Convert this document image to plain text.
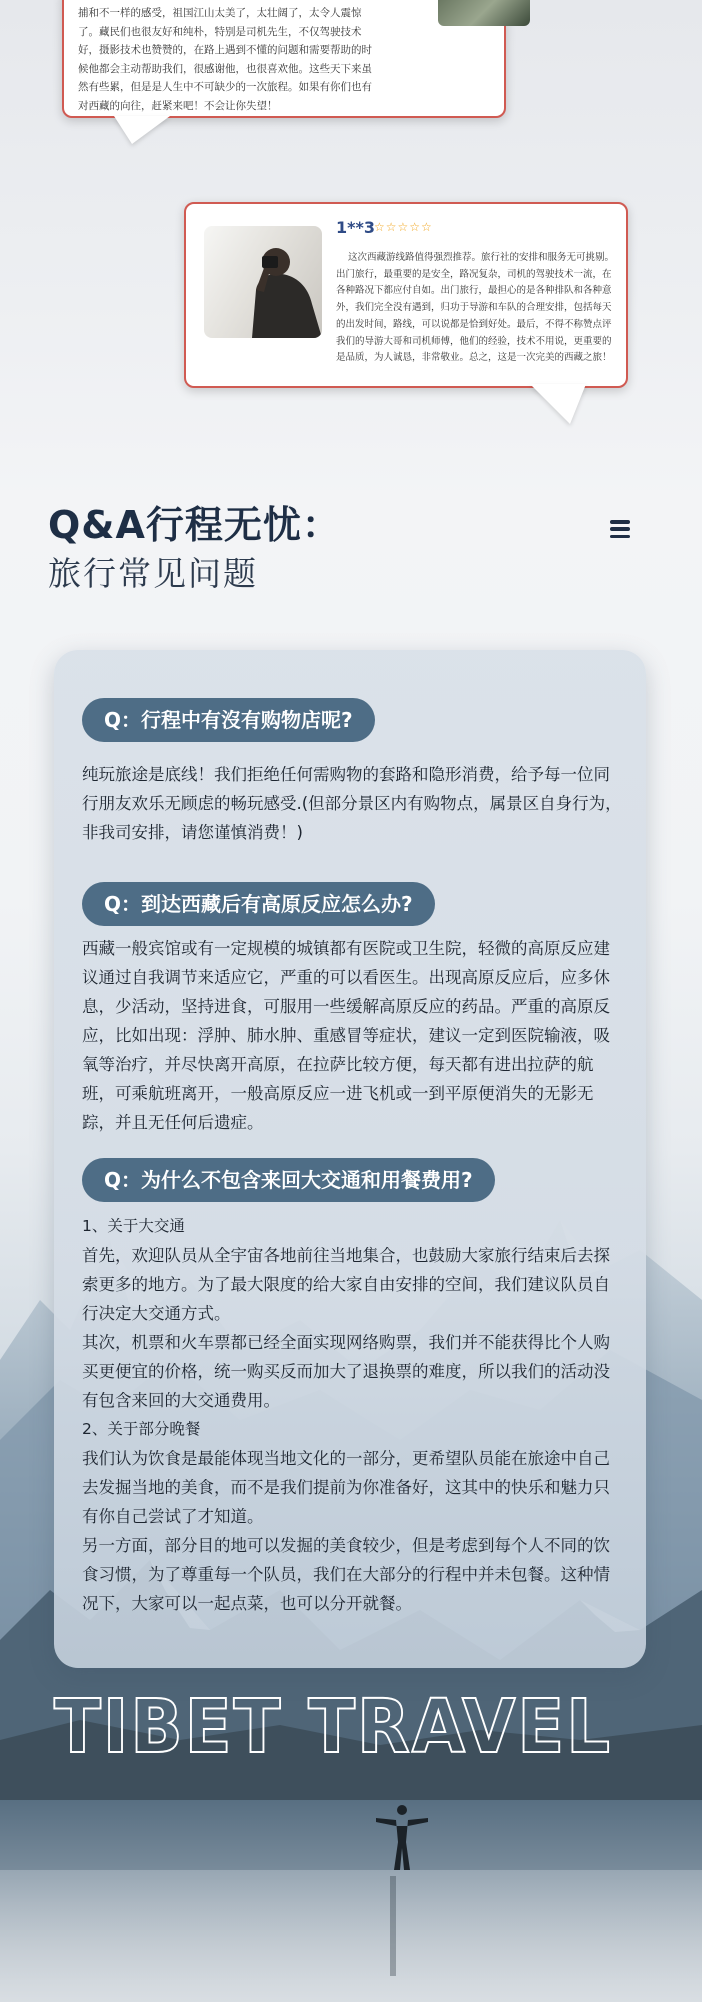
捕和不一样的感受，祖国江山太美了，太壮阔了，太令人震惊了。藏民们也很友好和纯朴，特别是司机先生，不仅驾驶技术好，摄影技术也赞赞的，在路上遇到不懂的问题和需要帮助的时候他都会主动帮助我们，很感谢他，也很喜欢他。这些天下来虽然有些累，但是是人生中不可缺少的一次旅程。如果有你们也有对西藏的向往，赶紧来吧！不会让你失望！
1**3 ☆☆☆☆☆
这次西藏游线路值得强烈推荐。旅行社的安排和服务无可挑剔。出门旅行，最重要的是安全，路况复杂，司机的驾驶技术一流，在各种路况下都应付自如。出门旅行，最担心的是各种排队和各种意外，我们完全没有遇到，归功于导游和车队的合理安排，包括每天的出发时间，路线，可以说都是恰到好处。最后，不得不称赞点评我们的导游大哥和司机师傅，他们的经验，技术不用说，更重要的是品质，为人诚恳，非常敬业。总之，这是一次完美的西藏之旅！
Q&A行程无忧：
旅行常见问题
Q：行程中有沒有购物店呢?

纯玩旅途是底线！我们拒绝任何需购物的套路和隐形消费，给予每一位同行朋友欢乐无顾虑的畅玩感受.(但部分景区内有购物点，属景区自身行为，非我司安排，请您谨慎消费！)

Q：到达西藏后有高原反应怎么办?

西藏一般宾馆或有一定规模的城镇都有医院或卫生院，轻微的高原反应建议通过自我调节来适应它，严重的可以看医生。出现高原反应后，应多休息，少活动，坚持进食，可服用一些缓解高原反应的药品。严重的高原反应，比如出现：浮肿、肺水肿、重感冒等症状，建议一定到医院输液，吸氧等治疗，并尽快离开高原，在拉萨比较方便，每天都有进出拉萨的航班，可乘航班离开，一般高原反应一进飞机或一到平原便消失的无影无踪，并且无任何后遗症。

Q：为什么不包含来回大交通和用餐费用?

1、关于大交通

首先，欢迎队员从全宇宙各地前往当地集合，也鼓励大家旅行结束后去探索更多的地方。为了最大限度的给大家自由安排的空间，我们建议队员自行决定大交通方式。

其次，机票和火车票都已经全面实现网络购票，我们并不能获得比个人购买更便宜的价格，统一购买反而加大了退换票的难度，所以我们的活动没有包含来回的大交通费用。

2、关于部分晚餐

我们认为饮食是最能体现当地文化的一部分，更希望队员能在旅途中自己去发掘当地的美食，而不是我们提前为你准备好，这其中的快乐和魅力只有你自己尝试了才知道。

另一方面，部分目的地可以发掘的美食较少，但是考虑到每个人不同的饮食习惯，为了尊重每一个队员，我们在大部分的行程中并未包餐。这种情况下，大家可以一起点菜，也可以分开就餐。

TIBET TRAVEL
